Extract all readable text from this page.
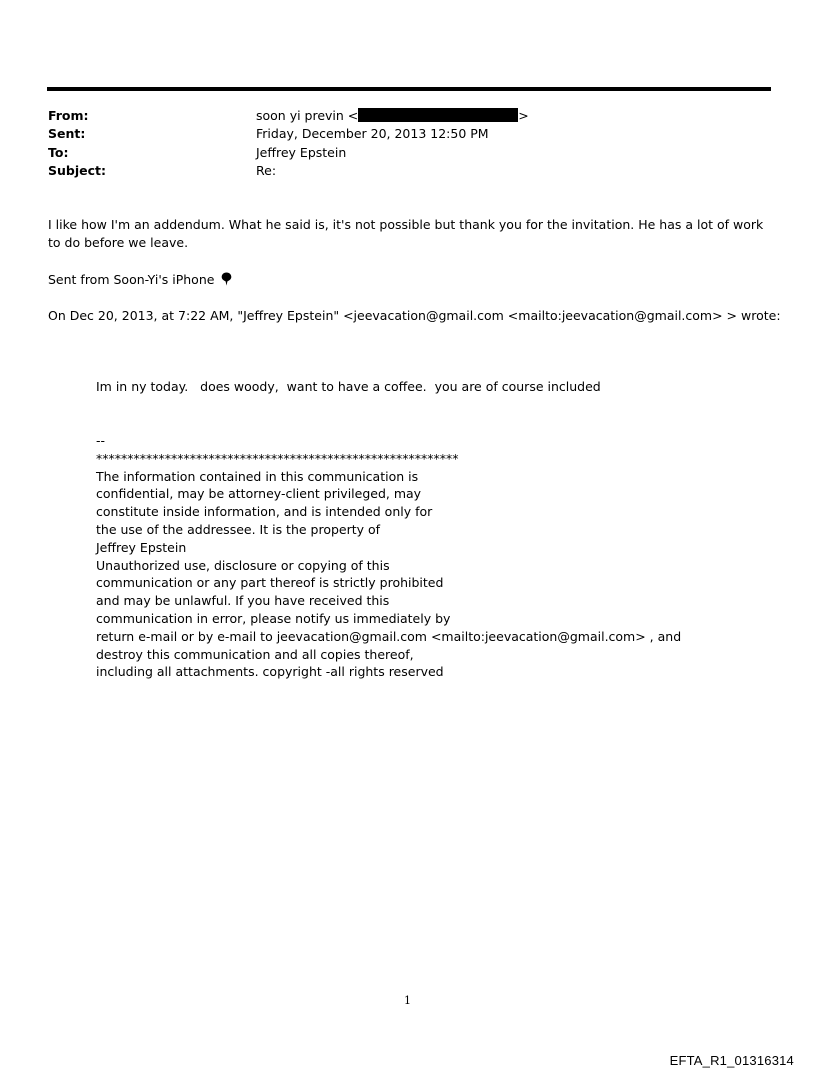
From:	soon yi previn <	>
Sent:	Friday, December 20, 2013 12:50 PM
To:	Jeffrey Epstein
Subject:	Re:
I like how I'm an addendum. What he said is, it's not possible but thank you for the invitation. He has a lot of work to do before we leave.
Sent from Soon-Yi's iPhone
On Dec 20, 2013, at 7:22 AM, "Jeffrey Epstein" <jeevacation@gmail.com <mailto:jeevacation@gmail.com> > wrote:
Im in ny today.   does woody,  want to have a coffee.  you are of course included
--
**********************************************************
The information contained in this communication is
confidential, may be attorney-client privileged, may
constitute inside information, and is intended only for
the use of the addressee. It is the property of
Jeffrey Epstein
Unauthorized use, disclosure or copying of this
communication or any part thereof is strictly prohibited
and may be unlawful. If you have received this
communication in error, please notify us immediately by
return e-mail or by e-mail to jeevacation@gmail.com <mailto:jeevacation@gmail.com> , and
destroy this communication and all copies thereof,
including all attachments. copyright -all rights reserved
1
EFTA_R1_01316314
